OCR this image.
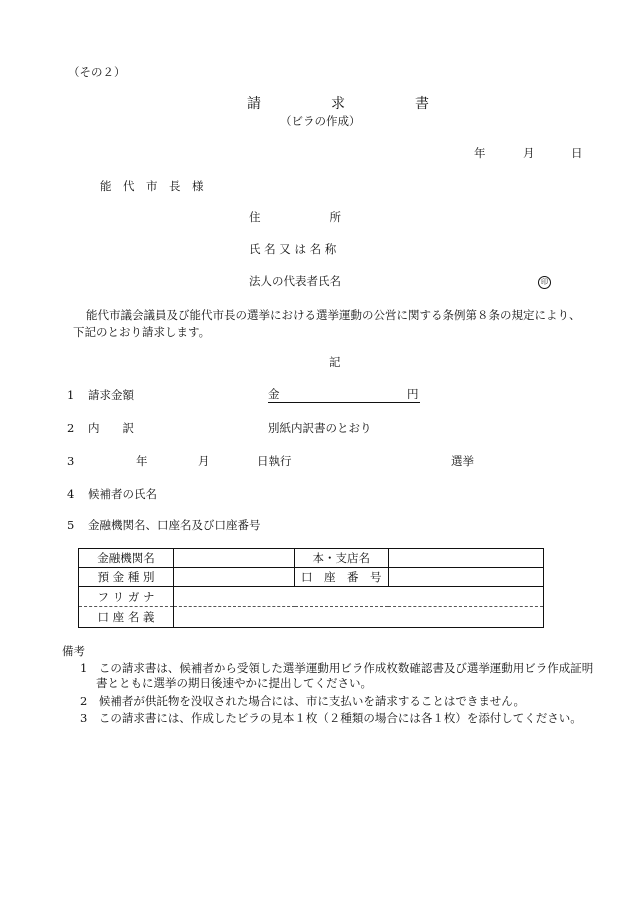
（その２）
請　　　　　求　　　　　書
（ビラの作成）
年	月	日
能　代　市　長　様
住　　　　　　所
氏 名 又 は 名 称
法人の代表者氏名	印
能代市議会議員及び能代市長の選挙における選挙運動の公営に関する条例第８条の規定により、下記のとおり請求します。
記
1 請求金額	金	円
2 内　　訳	別紙内訳書のとおり
3	年	月	日執行	選挙
4 候補者の氏名
5 金融機関名、口座名及び口座番号
金融機関名		本・支店名	
預 金 種 別		口　座　番　号	
フ リ ガ ナ			
口 座 名 義			
備考
1　この請求書は、候補者から受領した選挙運動用ビラ作成枚数確認書及び選挙運動用ビラ作成証明書とともに選挙の期日後速やかに提出してください。
2　候補者が供託物を没収された場合には、市に支払いを請求することはできません。
3　この請求書には、作成したビラの見本１枚（２種類の場合には各１枚）を添付してください。
